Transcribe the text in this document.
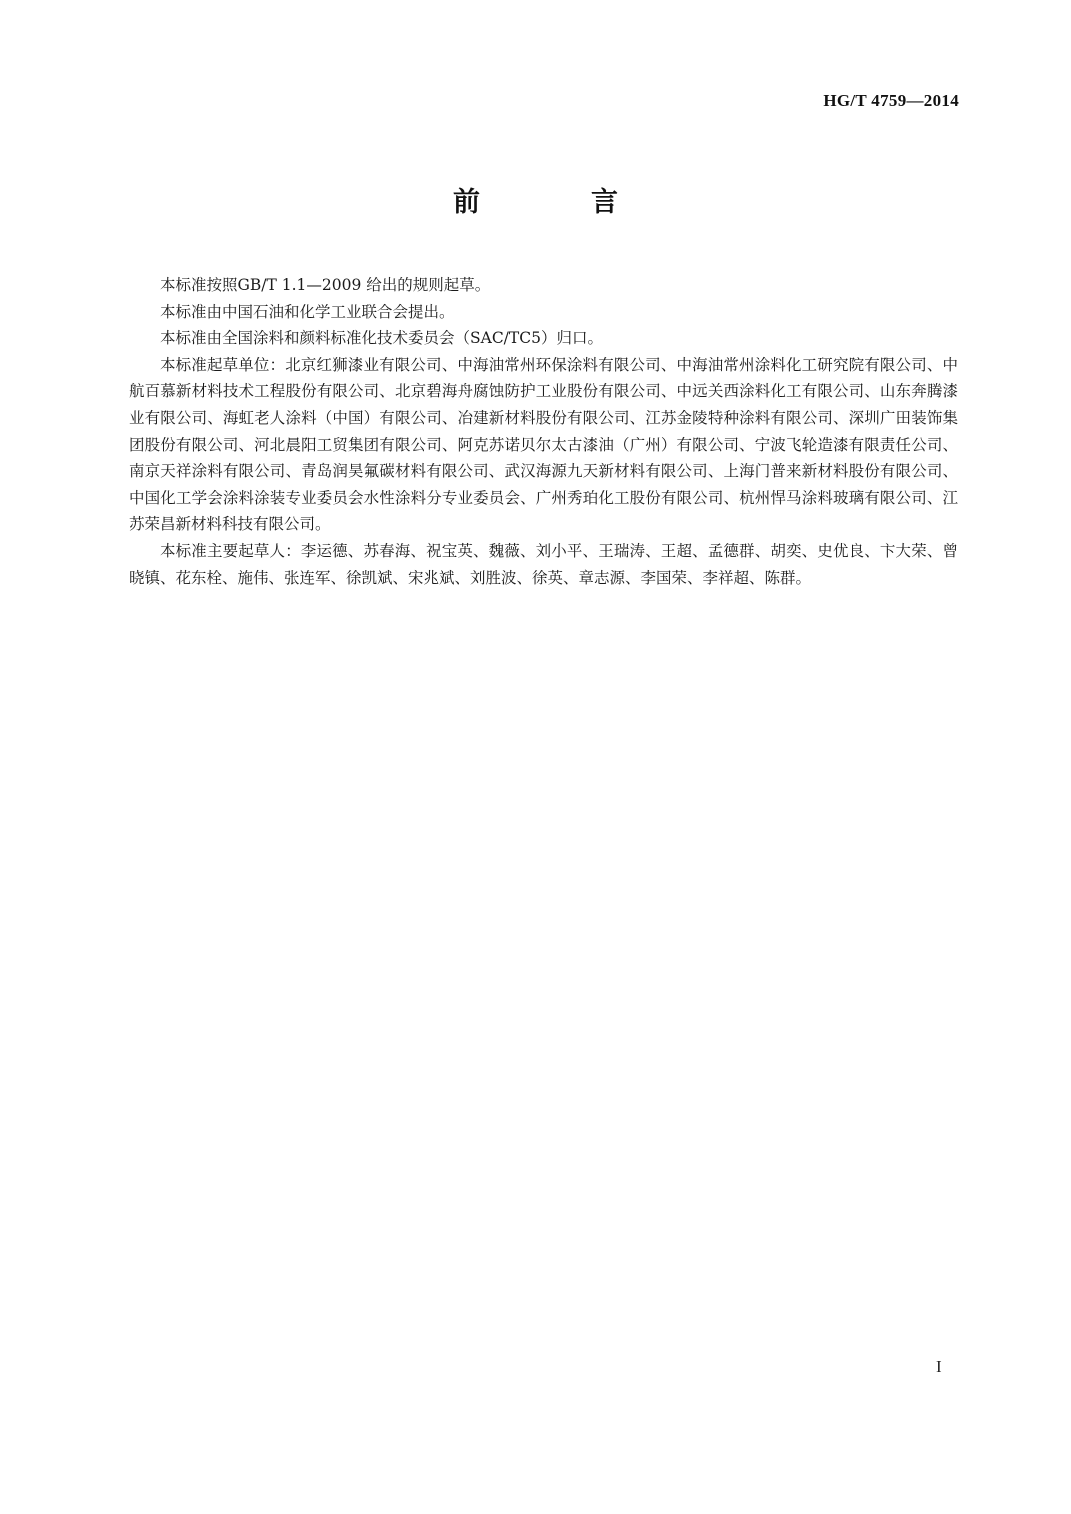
HG/T 4759—2014
前　言

本标准按照GB/T 1.1—2009 给出的规则起草。

本标准由中国石油和化学工业联合会提出。

本标准由全国涂料和颜料标准化技术委员会（SAC/TC5）归口。

本标准起草单位：北京红狮漆业有限公司、中海油常州环保涂料有限公司、中海油常州涂料化工研究院有限公司、中航百慕新材料技术工程股份有限公司、北京碧海舟腐蚀防护工业股份有限公司、中远关西涂料化工有限公司、山东奔腾漆业有限公司、海虹老人涂料（中国）有限公司、冶建新材料股份有限公司、江苏金陵特种涂料有限公司、深圳广田装饰集团股份有限公司、河北晨阳工贸集团有限公司、阿克苏诺贝尔太古漆油（广州）有限公司、宁波飞轮造漆有限责任公司、南京天祥涂料有限公司、青岛润昊氟碳材料有限公司、武汉海源九天新材料有限公司、上海门普来新材料股份有限公司、中国化工学会涂料涂装专业委员会水性涂料分专业委员会、广州秀珀化工股份有限公司、杭州悍马涂料玻璃有限公司、江苏荣昌新材料科技有限公司。

本标准主要起草人：李运德、苏春海、祝宝英、魏薇、刘小平、王瑞涛、王超、孟德群、胡奕、史优良、卞大荣、曾晓镇、花东栓、施伟、张连军、徐凯斌、宋兆斌、刘胜波、徐英、章志源、李国荣、李祥超、陈群。

I
